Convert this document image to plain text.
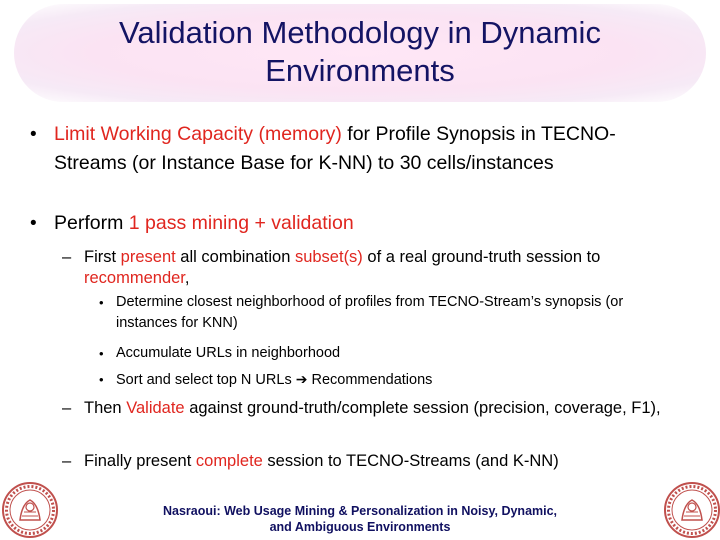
Validation Methodology in Dynamic
Environments
• Limit Working Capacity (memory) for Profile Synopsis in TECNO-Streams (or Instance Base for K-NN) to 30 cells/instances
• Perform 1 pass mining + validation
– First present all combination subset(s) of a real ground-truth session to recommender,
• Determine closest neighborhood of profiles from TECNO-Stream’s synopsis (or instances for KNN)
• Accumulate URLs in neighborhood
• Sort and select top N URLs ➔ Recommendations
– Then Validate against ground-truth/complete session (precision, coverage, F1),
– Finally present complete session to TECNO-Streams (and K-NN)
Nasraoui: Web Usage Mining & Personalization in Noisy, Dynamic,
and Ambiguous Environments
